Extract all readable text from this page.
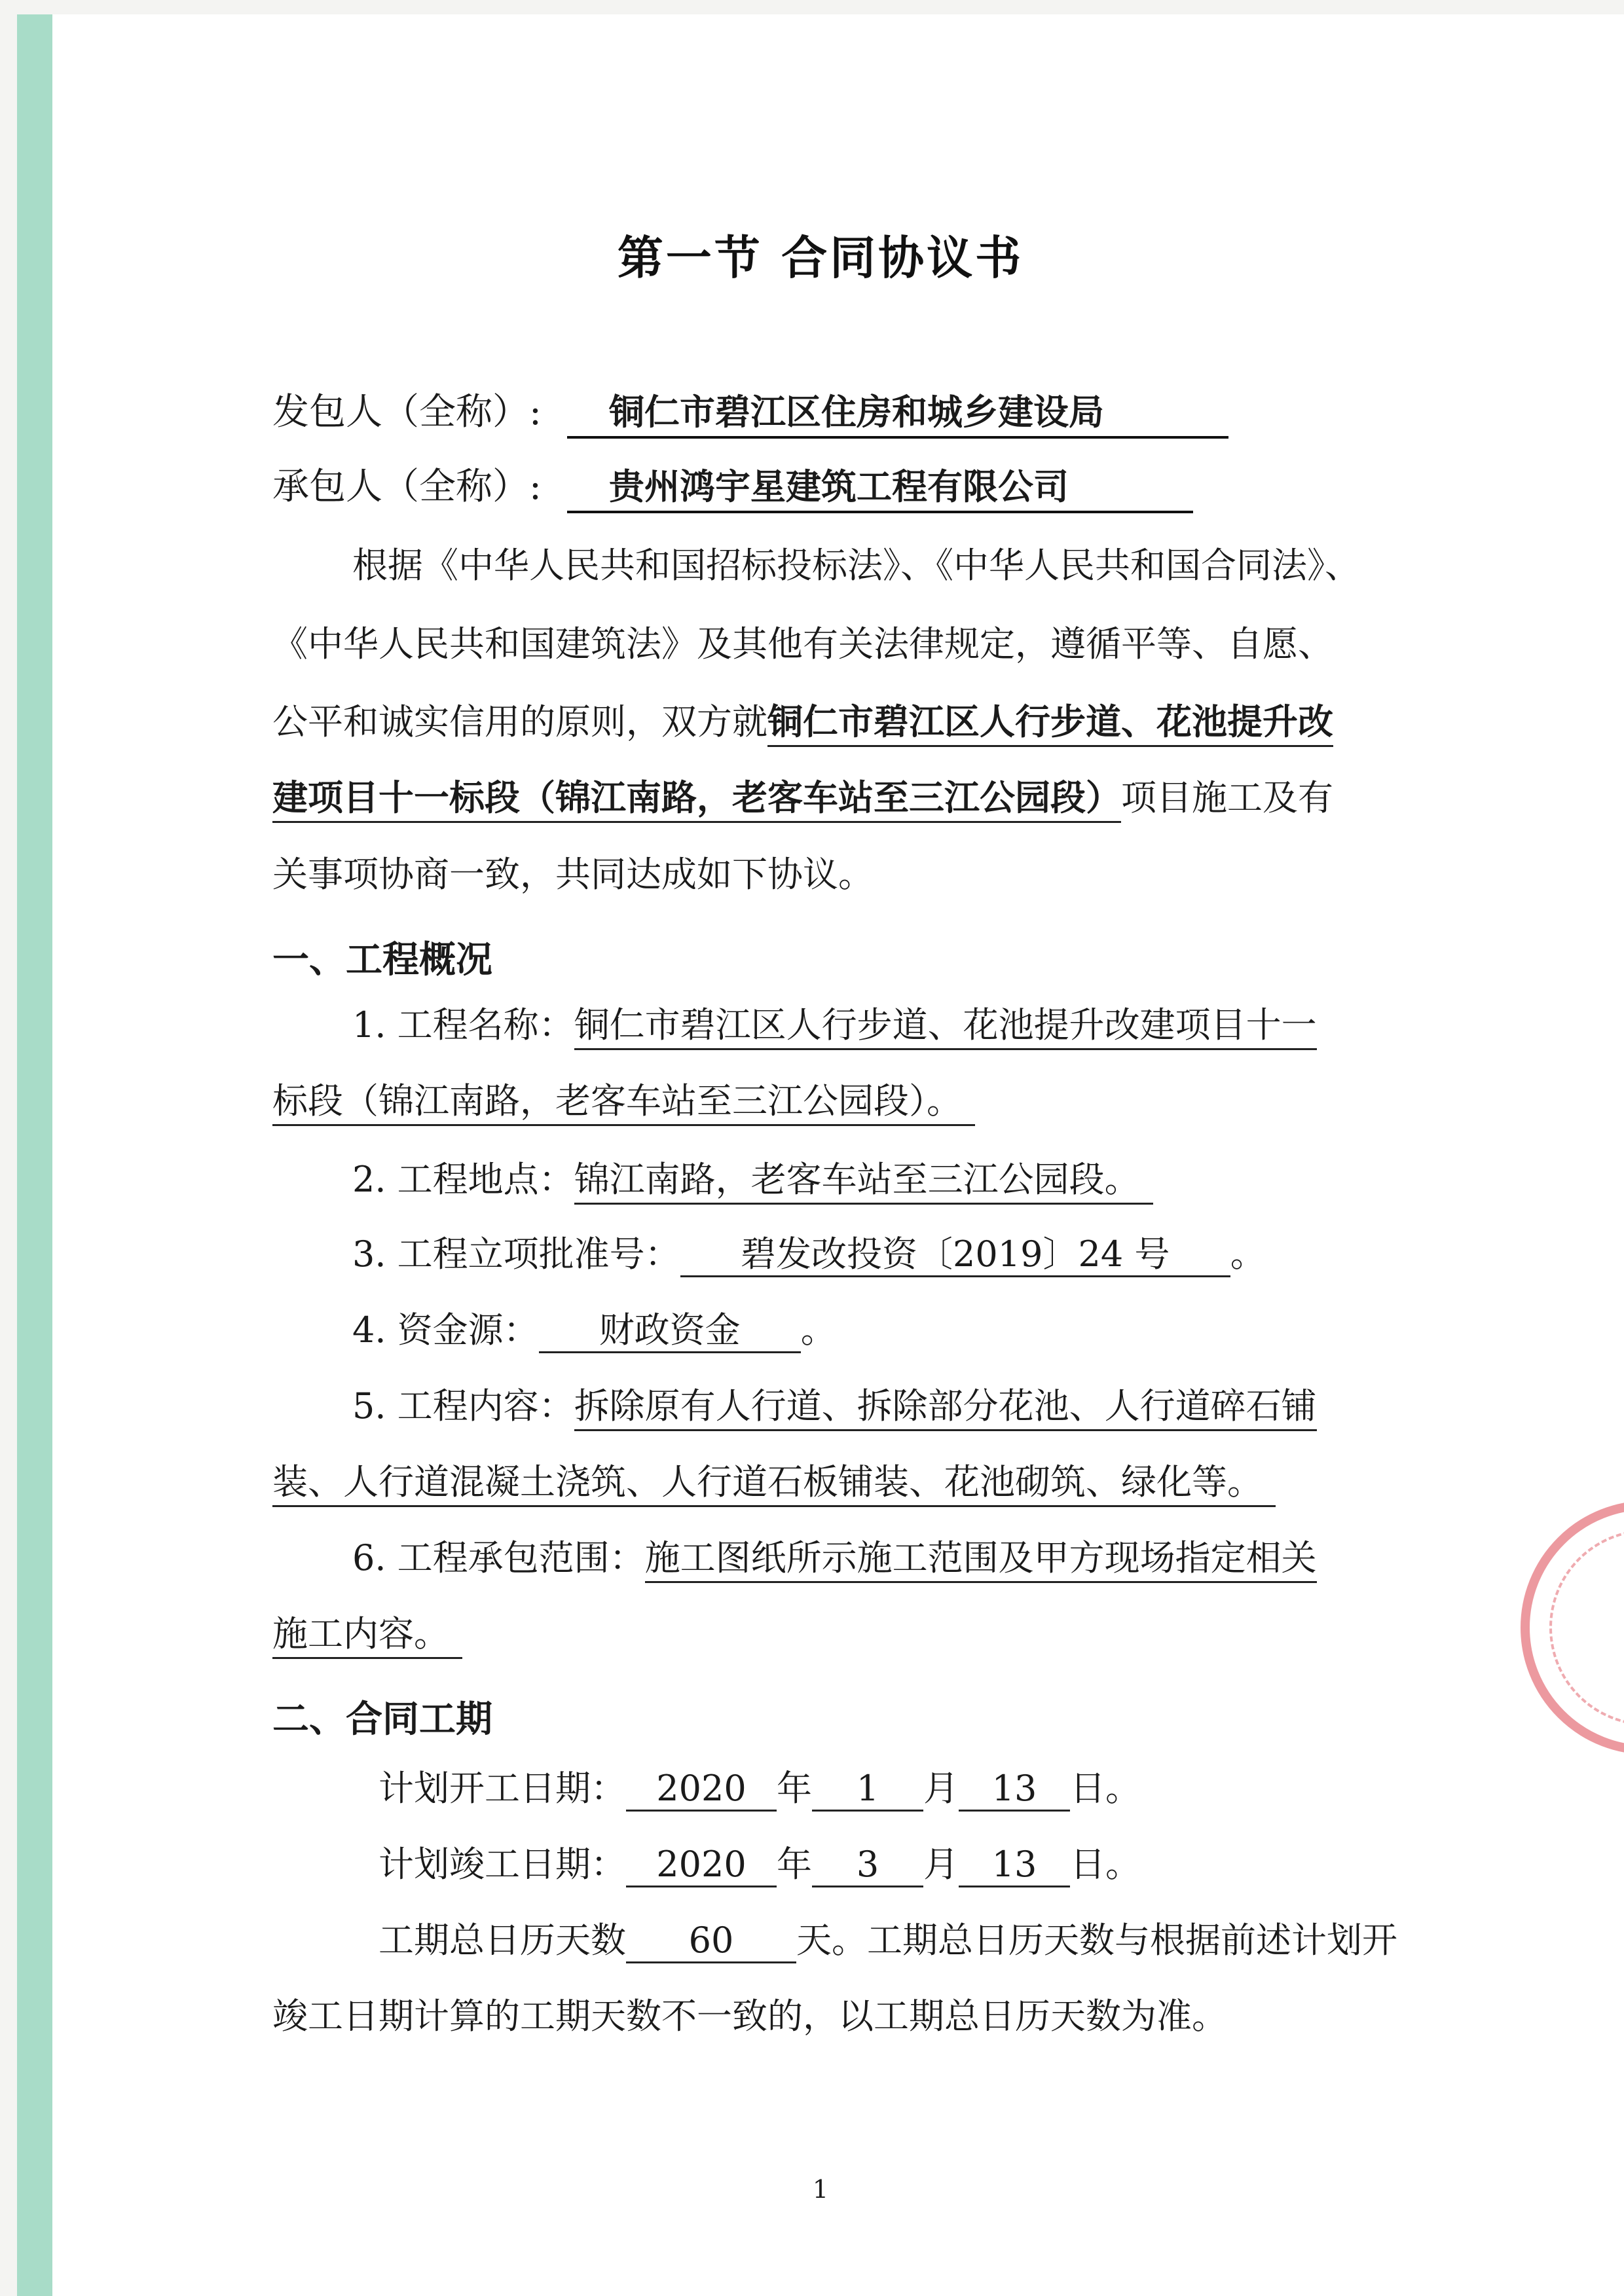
第一节 合同协议书
发包人（全称）: 铜仁市碧江区住房和城乡建设局
承包人（全称）: 贵州鸿宇星建筑工程有限公司
根据《中华人民共和国招标投标法》、《中华人民共和国合同法》、
《中华人民共和国建筑法》及其他有关法律规定，遵循平等、自愿、
公平和诚实信用的原则，双方就铜仁市碧江区人行步道、花池提升改
建项目十一标段（锦江南路，老客车站至三江公园段）项目施工及有
关事项协商一致，共同达成如下协议。
一、工程概况
1. 工程名称：铜仁市碧江区人行步道、花池提升改建项目十一
标段（锦江南路，老客车站至三江公园段）。
2. 工程地点：锦江南路，老客车站至三江公园段。
3. 工程立项批准号： 碧发改投资〔2019〕24 号 。
4. 资金源： 财政资金 。
5. 工程内容：拆除原有人行道、拆除部分花池、人行道碎石铺
装、人行道混凝土浇筑、人行道石板铺装、花池砌筑、绿化等。
6. 工程承包范围：施工图纸所示施工范围及甲方现场指定相关
施工内容。
二、合同工期
计划开工日期： 2020 年 1 月 13 日。
计划竣工日期： 2020 年 3 月 13 日。
工期总日历天数 60 天。工期总日历天数与根据前述计划开
竣工日期计算的工期天数不一致的，以工期总日历天数为准。
1
